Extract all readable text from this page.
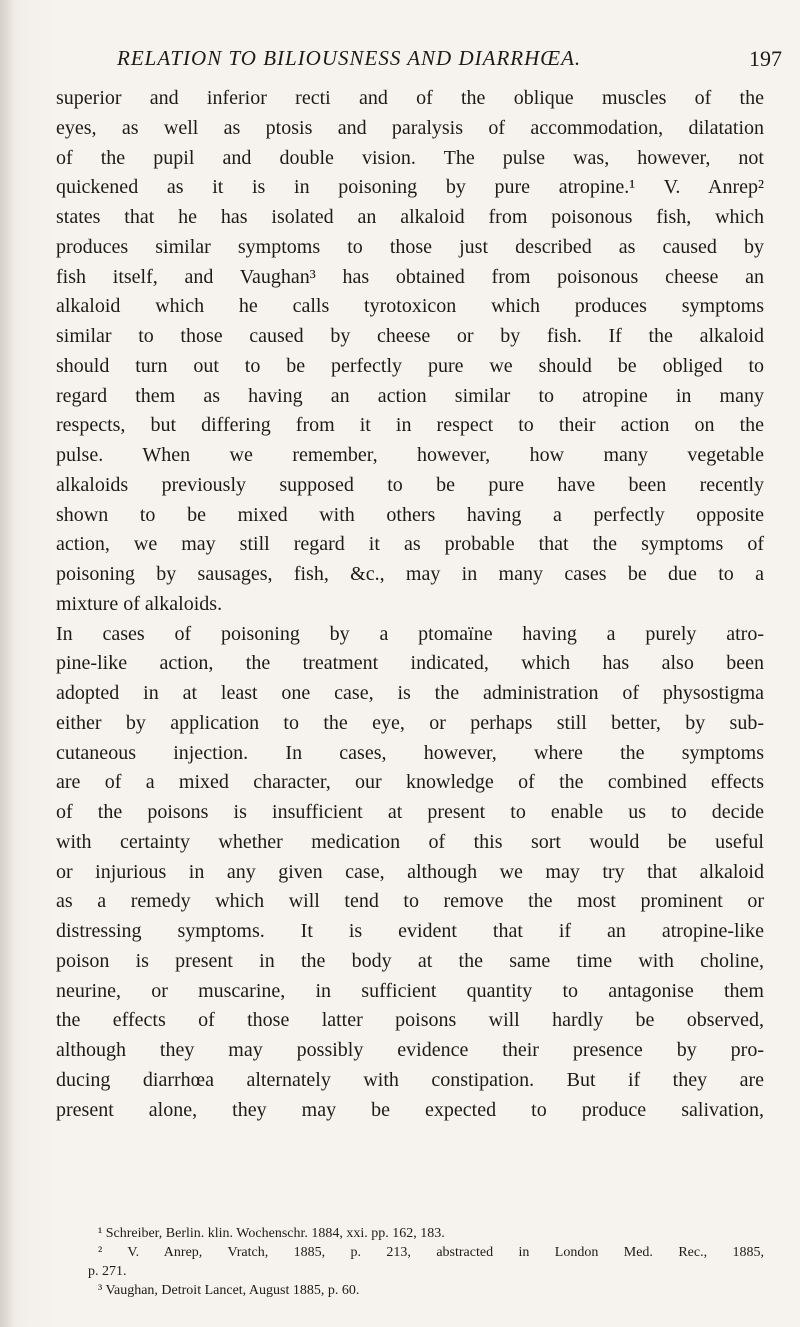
RELATION TO BILIOUSNESS AND DIARRHŒA.	197
superior and inferior recti and of the oblique muscles of the
eyes, as well as ptosis and paralysis of accommodation, dilatation
of the pupil and double vision. The pulse was, however, not
quickened as it is in poisoning by pure atropine.¹ V. Anrep²
states that he has isolated an alkaloid from poisonous fish, which
produces similar symptoms to those just described as caused by
fish itself, and Vaughan³ has obtained from poisonous cheese an
alkaloid which he calls tyrotoxicon which produces symptoms
similar to those caused by cheese or by fish. If the alkaloid
should turn out to be perfectly pure we should be obliged to
regard them as having an action similar to atropine in many
respects, but differing from it in respect to their action on the
pulse. When we remember, however, how many vegetable
alkaloids previously supposed to be pure have been recently
shown to be mixed with others having a perfectly opposite
action, we may still regard it as probable that the symptoms of
poisoning by sausages, fish, &c., may in many cases be due to a
mixture of alkaloids.
In cases of poisoning by a ptomaïne having a purely atro-
pine-like action, the treatment indicated, which has also been
adopted in at least one case, is the administration of physostigma
either by application to the eye, or perhaps still better, by sub-
cutaneous injection. In cases, however, where the symptoms
are of a mixed character, our knowledge of the combined effects
of the poisons is insufficient at present to enable us to decide
with certainty whether medication of this sort would be useful
or injurious in any given case, although we may try that alkaloid
as a remedy which will tend to remove the most prominent or
distressing symptoms. It is evident that if an atropine-like
poison is present in the body at the same time with choline,
neurine, or muscarine, in sufficient quantity to antagonise them
the effects of those latter poisons will hardly be observed,
although they may possibly evidence their presence by pro-
ducing diarrhœa alternately with constipation. But if they are
present alone, they may be expected to produce salivation,
¹ Schreiber, Berlin. klin. Wochenschr. 1884, xxi. pp. 162, 183.
² V. Anrep, Vratch, 1885, p. 213, abstracted in London Med. Rec., 1885,
p. 271.
³ Vaughan, Detroit Lancet, August 1885, p. 60.
